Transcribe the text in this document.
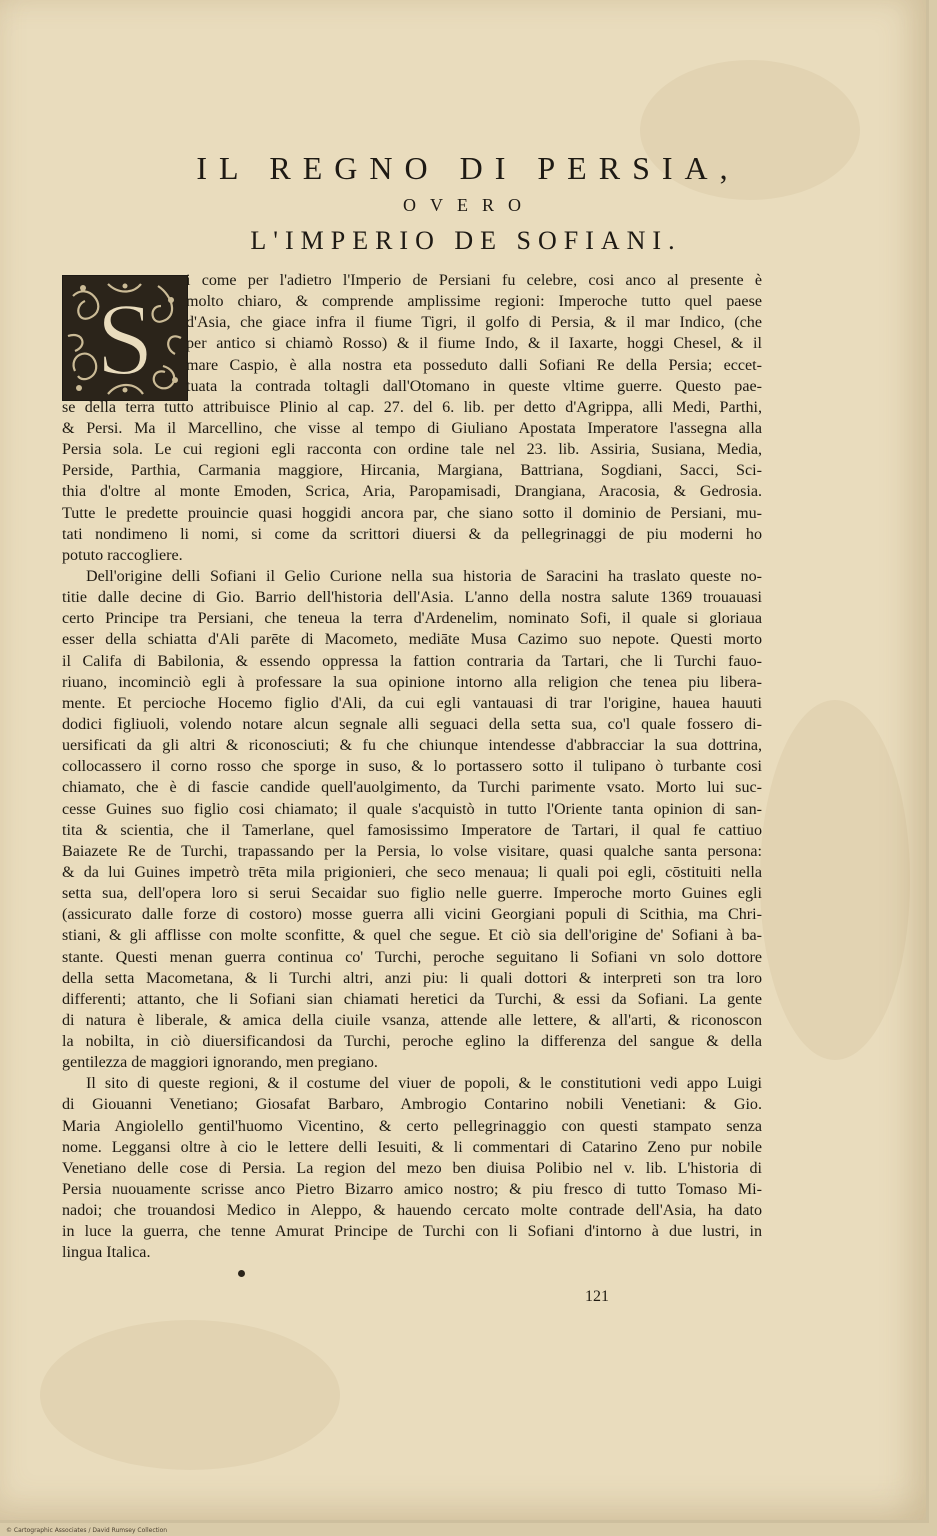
IL REGNO DI PERSIA,
OVERO
L'IMPERIO DE SOFIANI.
S
i come per l'adietro l'Imperio de Persiani fu celebre, cosi anco al presente è
molto chiaro, & comprende amplissime regioni: Imperoche tutto quel paese
d'Asia, che giace infra il fiume Tigri, il golfo di Persia, & il mar Indico, (che
per antico si chiamò Rosso) & il fiume Indo, & il Iaxarte, hoggi Chesel, & il
mare Caspio, è alla nostra eta posseduto dalli Sofiani Re della Persia; eccet-
tuata la contrada toltagli dall'Otomano in queste vltime guerre. Questo pae-
se della terra tutto attribuisce Plinio al cap. 27. del 6. lib. per detto d'Agrippa, alli Medi, Parthi,
& Persi. Ma il Marcellino, che visse al tempo di Giuliano Apostata Imperatore l'assegna alla
Persia sola. Le cui regioni egli racconta con ordine tale nel 23. lib. Assiria, Susiana, Media,
Perside, Parthia, Carmania maggiore, Hircania, Margiana, Battriana, Sogdiani, Sacci, Sci-
thia d'oltre al monte Emoden, Scrica, Aria, Paropamisadi, Drangiana, Aracosia, & Gedrosia.
Tutte le predette prouincie quasi hoggidi ancora par, che siano sotto il dominio de Persiani, mu-
tati nondimeno li nomi, si come da scrittori diuersi & da pellegrinaggi de piu moderni ho
potuto raccogliere.
Dell'origine delli Sofiani il Gelio Curione nella sua historia de Saracini ha traslato queste no-
titie dalle decine di Gio. Barrio dell'historia dell'Asia. L'anno della nostra salute 1369 trouauasi
certo Principe tra Persiani, che teneua la terra d'Ardenelim, nominato Sofi, il quale si gloriaua
esser della schiatta d'Ali parēte di Macometo, mediāte Musa Cazimo suo nepote. Questi morto
il Califa di Babilonia, & essendo oppressa la fattion contraria da Tartari, che li Turchi fauo-
riuano, incominciò egli à professare la sua opinione intorno alla religion che tenea piu libera-
mente. Et percioche Hocemo figlio d'Ali, da cui egli vantauasi di trar l'origine, hauea hauuti
dodici figliuoli, volendo notare alcun segnale alli seguaci della setta sua, co'l quale fossero di-
uersificati da gli altri & riconosciuti; & fu che chiunque intendesse d'abbracciar la sua dottrina,
collocassero il corno rosso che sporge in suso, & lo portassero sotto il tulipano ò turbante cosi
chiamato, che è di fascie candide quell'auolgimento, da Turchi parimente vsato. Morto lui suc-
cesse Guines suo figlio cosi chiamato; il quale s'acquistò in tutto l'Oriente tanta opinion di san-
tita & scientia, che il Tamerlane, quel famosissimo Imperatore de Tartari, il qual fe cattiuo
Baiazete Re de Turchi, trapassando per la Persia, lo volse visitare, quasi qualche santa persona:
& da lui Guines impetrò trēta mila prigionieri, che seco menaua; li quali poi egli, cōstituiti nella
setta sua, dell'opera loro si serui Secaidar suo figlio nelle guerre. Imperoche morto Guines egli
(assicurato dalle forze di costoro) mosse guerra alli vicini Georgiani populi di Scithia, ma Chri-
stiani, & gli afflisse con molte sconfitte, & quel che segue. Et ciò sia dell'origine de' Sofiani à ba-
stante. Questi menan guerra continua co' Turchi, peroche seguitano li Sofiani vn solo dottore
della setta Macometana, & li Turchi altri, anzi piu: li quali dottori & interpreti son tra loro
differenti; attanto, che li Sofiani sian chiamati heretici da Turchi, & essi da Sofiani. La gente
di natura è liberale, & amica della ciuile vsanza, attende alle lettere, & all'arti, & riconoscon
la nobilta, in ciò diuersificandosi da Turchi, peroche eglino la differenza del sangue & della
gentilezza de maggiori ignorando, men pregiano.
Il sito di queste regioni, & il costume del viuer de popoli, & le constitutioni vedi appo Luigi
di Giouanni Venetiano; Giosafat Barbaro, Ambrogio Contarino nobili Venetiani: & Gio.
Maria Angiolello gentil'huomo Vicentino, & certo pellegrinaggio con questi stampato senza
nome. Leggansi oltre à cio le lettere delli Iesuiti, & li commentari di Catarino Zeno pur nobile
Venetiano delle cose di Persia. La region del mezo ben diuisa Polibio nel v. lib. L'historia di
Persia nuouamente scrisse anco Pietro Bizarro amico nostro; & piu fresco di tutto Tomaso Mi-
nadoi; che trouandosi Medico in Aleppo, & hauendo cercato molte contrade dell'Asia, ha dato
in luce la guerra, che tenne Amurat Principe de Turchi con li Sofiani d'intorno à due lustri, in
lingua Italica.
121
© Cartographic Associates / David Rumsey Collection
